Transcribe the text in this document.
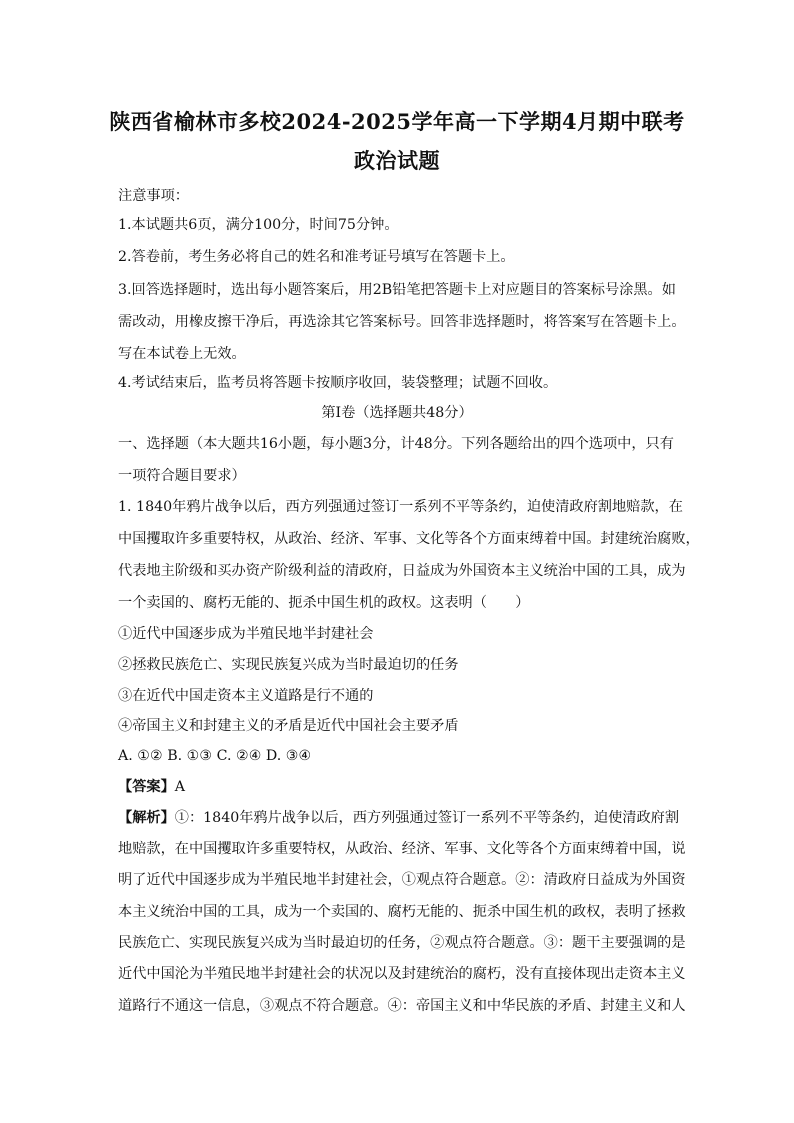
陕西省榆林市多校2024-2025学年高一下学期4月期中联考
政治试题
注意事项：
1.本试题共6页，满分100分，时间75分钟。
2.答卷前，考生务必将自己的姓名和准考证号填写在答题卡上。
3.回答选择题时，选出每小题答案后，用2B铅笔把答题卡上对应题目的答案标号涂黑。如
需改动，用橡皮擦干净后，再选涂其它答案标号。回答非选择题时，将答案写在答题卡上。
写在本试卷上无效。
4.考试结束后，监考员将答题卡按顺序收回，装袋整理；试题不回收。
第Ⅰ卷（选择题共48分）
一、选择题（本大题共16小题，每小题3分，计48分。下列各题给出的四个选项中，只有
一项符合题目要求）
1. 1840年鸦片战争以后，西方列强通过签订一系列不平等条约，迫使清政府割地赔款，在
中国攫取许多重要特权，从政治、经济、军事、文化等各个方面束缚着中国。封建统治腐败，
代表地主阶级和买办资产阶级利益的清政府，日益成为外国资本主义统治中国的工具，成为
一个卖国的、腐朽无能的、扼杀中国生机的政权。这表明（　　）
①近代中国逐步成为半殖民地半封建社会
②拯救民族危亡、实现民族复兴成为当时最迫切的任务
③在近代中国走资本主义道路是行不通的
④帝国主义和封建主义的矛盾是近代中国社会主要矛盾
A. ①② B. ①③ C. ②④ D. ③④
【答案】A
【解析】①：1840年鸦片战争以后，西方列强通过签订一系列不平等条约，迫使清政府割
地赔款，在中国攫取许多重要特权，从政治、经济、军事、文化等各个方面束缚着中国，说
明了近代中国逐步成为半殖民地半封建社会，①观点符合题意。②：清政府日益成为外国资
本主义统治中国的工具，成为一个卖国的、腐朽无能的、扼杀中国生机的政权，表明了拯救
民族危亡、实现民族复兴成为当时最迫切的任务，②观点符合题意。③：题干主要强调的是
近代中国沦为半殖民地半封建社会的状况以及封建统治的腐朽，没有直接体现出走资本主义
道路行不通这一信息，③观点不符合题意。④：帝国主义和中华民族的矛盾、封建主义和人
